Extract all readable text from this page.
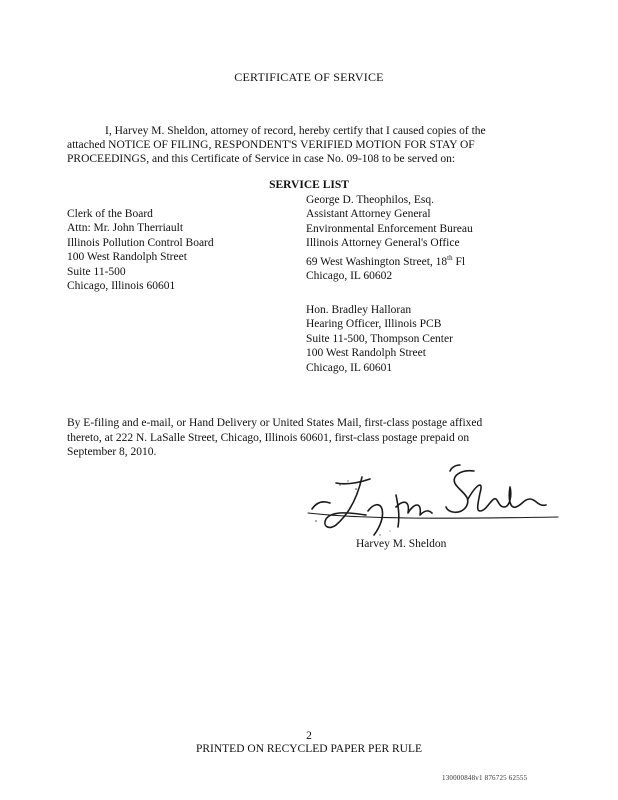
CERTIFICATE OF SERVICE
I, Harvey M. Sheldon, attorney of record, hereby certify that I caused copies of the
attached NOTICE OF FILING, RESPONDENT'S VERIFIED MOTION FOR STAY OF
PROCEEDINGS, and this Certificate of Service in case No. 09-108 to be served on:
SERVICE LIST
Clerk of the Board
Attn: Mr. John Therriault
Illinois Pollution Control Board
100 West Randolph Street
Suite 11-500
Chicago, Illinois 60601
George D. Theophilos, Esq.
Assistant Attorney General
Environmental Enforcement Bureau
Illinois Attorney General's Office
69 West Washington Street, 18th Fl
Chicago, IL 60602
Hon. Bradley Halloran
Hearing Officer, Illinois PCB
Suite 11-500, Thompson Center
100 West Randolph Street
Chicago, IL 60601
By E-filing and e-mail, or Hand Delivery or United States Mail, first-class postage affixed
thereto, at 222 N. LaSalle Street, Chicago, Illinois 60601, first-class postage prepaid on
September 8, 2010.
Harvey M. Sheldon
2
PRINTED ON RECYCLED PAPER PER RULE
130000848v1 876725 62555
